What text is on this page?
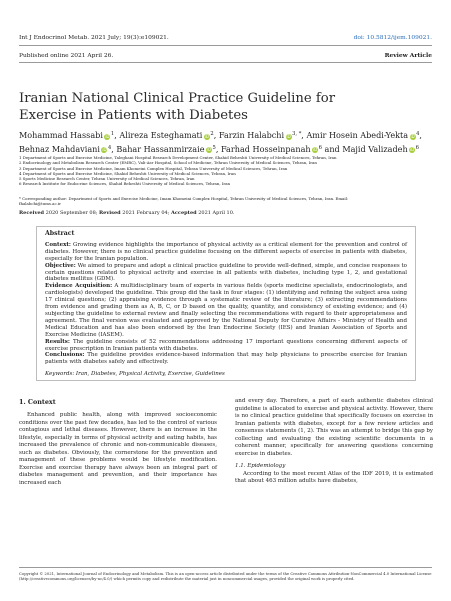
Int J Endocrinol Metab. 2021 July; 19(3):e109021.	doi: 10.5812/ijem.109021.
Published online 2021 April 26.	Review Article
Iranian National Clinical Practice Guideline for Exercise in Patients with Diabetes
Mohammad Hassabi iD$^1$, Alireza Esteghamati iD$^2$, Farzin Halabchi iD$^{3, *}$, Amir Hosein Abedi-Yekta iD$^4$,
Behnaz Mahdaviani iD$^4$, Bahar Hassanmirzaie iD$^5$, Farhad Hosseinpanah iD$^6$ and Majid Valizadeh iD$^6$
1 Department of Sports and Exercise Medicine, Taleghani Hospital Research Development Center, Shahid Beheshti University of Medical Sciences, Tehran, Iran
2 Endocrinology and Metabolism Research Center (EMRC), Vali-Asr Hospital, School of Medicine, Tehran University of Medical Sciences, Tehran, Iran
3 Department of Sports and Exercise Medicine, Imam Khomeini Complex Hospital, Tehran University of Medical Sciences, Tehran, Iran
4 Department of Sports and Exercise Medicine, Shahid Beheshti University of Medical Sciences, Tehran, Iran
5 Sports Medicine Research Center, Tehran University of Medical Sciences, Tehran, Iran
6 Research Institute for Endocrine Sciences, Shahid Beheshti University of Medical Sciences, Tehran, Iran
* Corresponding author: Department of Sports and Exercise Medicine, Imam Khomeini Complex Hospital, Tehran University of Medical Sciences, Tehran, Iran. Email: fhalabchi@tums.ac.ir
Received 2020 September 08; Revised 2021 February 04; Accepted 2021 April 10.
Abstract

Context: Growing evidence highlights the importance of physical activity as a critical element for the prevention and control of diabetes. However, there is no clinical practice guideline focusing on the different aspects of exercise in patients with diabetes, especially for the Iranian population.

Objective: We aimed to prepare and adopt a clinical practice guideline to provide well-defined, simple, and concise responses to certain questions related to physical activity and exercise in all patients with diabetes, including type 1, 2, and gestational diabetes mellitus (GDM).

Evidence Acquisition: A multidisciplinary team of experts in various fields (sports medicine specialists, endocrinologists, and cardiologists) developed the guideline. This group did the task in four stages: (1) identifying and refining the subject area using 17 clinical questions; (2) appraising evidence through a systematic review of the literature; (3) extracting recommendations from evidence and grading them as A, B, C, or D based on the quality, quantity, and consistency of existing evidence; and (4) subjecting the guideline to external review and finally selecting the recommendations with regard to their appropriateness and agreement. The final version was evaluated and approved by the National Deputy for Curative Affairs - Ministry of Health and Medical Education and has also been endorsed by the Iran Endocrine Society (IES) and Iranian Association of Sports and Exercise Medicine (IASEM).

Results: The guideline consists of 52 recommendations addressing 17 important questions concerning different aspects of exercise prescription in Iranian patients with diabetes.

Conclusions: The guideline provides evidence-based information that may help physicians to prescribe exercise for Iranian patients with diabetes safely and effectively.

Keywords: Iran, Diabetes, Physical Activity, Exercise, Guidelines

1. Context

Enhanced public health, along with improved socioeconomic conditions over the past few decades, has led to the control of various contagious and lethal diseases. However, there is an increase in the lifestyle, especially in terms of physical activity and eating habits, has increased the prevalence of chronic and non-communicable diseases, such as diabetes. Obviously, the cornerstone for the prevention and management of these problems would be lifestyle modification. Exercise and exercise therapy have always been an integral part of diabetes management and prevention, and their importance has increased each

and every day. Therefore, a part of each authentic diabetes clinical guideline is allocated to exercise and physical activity. However, there is no clinical practice guideline that specifically focuses on exercise in Iranian patients with diabetes, except for a few review articles and consensus statements (1, 2). This was an attempt to bridge this gap by collecting and evaluating the existing scientific documents in a coherent manner, specifically for answering questions concerning exercise in diabetes.

1.1. Epidemiology

According to the most recent Atlas of the IDF 2019, it is estimated that about 463 million adults have diabetes,

Copyright © 2021, International Journal of Endocrinology and Metabolism. This is an open-access article distributed under the terms of the Creative Commons Attribution-NonCommercial 4.0 International License (http://creativecommons.org/licenses/by-nc/4.0/) which permits copy and redistribute the material just in noncommercial usages, provided the original work is properly cited.
